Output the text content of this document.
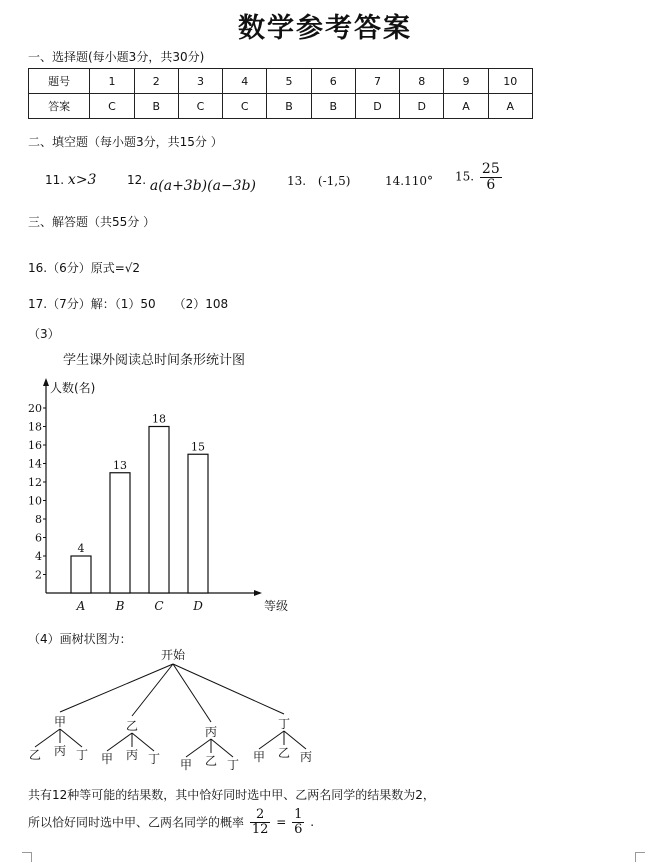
数学参考答案
一、选择题(每小题3分，共30分)
题号	1	2	3	4	5	6	7	8	9	10
答案	C	B	C	C	B	B	D	D	A	A
二、填空题（每小题3分，共15分 ）
11. x>3	12. a(a+3b)(a−3b)	13. (-1,5)	14.110° 15. $\frac{25}{6}$
三、解答题（共55分 ）
16.（6分）原式=√2
17.（7分）解：（1）50　　（2）108
（3）
学生课外阅读总时间条形统计图
人数(名)
等级
2
4
6
8
10
12
14
16
18
20
4
A
13
B
18
C
15
D
（4）画树状图为：
开始
甲
乙 丙 丁
乙
甲 丙 丁
丙
甲 乙 丁
丁
甲 乙 丙
共有12种等可能的结果数，其中恰好同时选中甲、乙两名同学的结果数为2，
所以恰好同时选中甲、乙两名同学的概率 $\frac{2}{12} = \frac{1}{6}$ .
